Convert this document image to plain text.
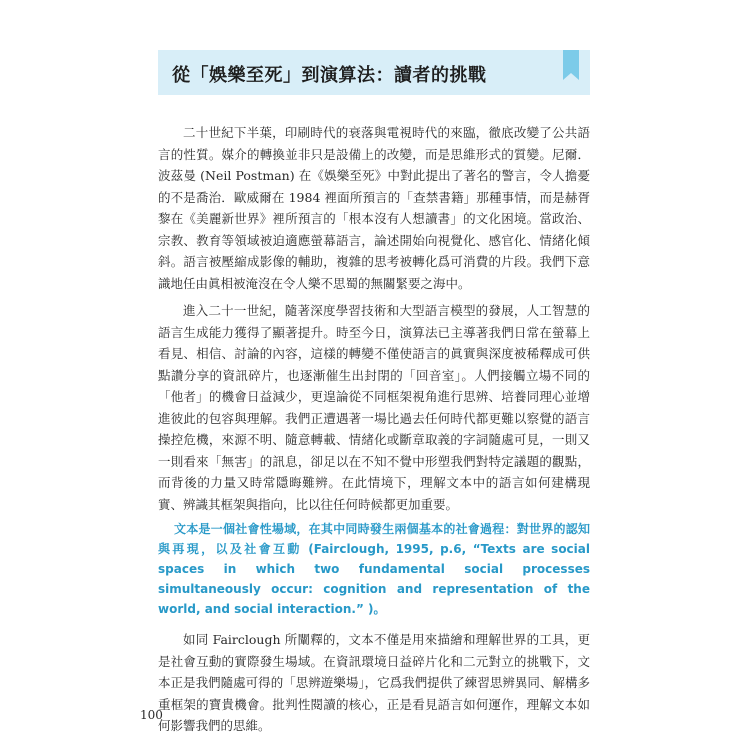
從「娛樂至死」到演算法：讀者的挑戰

二十世紀下半葉，印刷時代的衰落與電視時代的來臨，徹底改變了公共語言的性質。媒介的轉換並非只是設備上的改變，而是思維形式的質變。尼爾．波茲曼 (Neil Postman) 在《娛樂至死》中對此提出了著名的警言，令人擔憂的不是喬治．歐威爾在 1984 裡面所預言的「查禁書籍」那種事情，而是赫胥黎在《美麗新世界》裡所預言的「根本沒有人想讀書」的文化困境。當政治、宗教、教育等領域被迫適應螢幕語言，論述開始向視覺化、感官化、情緒化傾斜。語言被壓縮成影像的輔助，複雜的思考被轉化爲可消費的片段。我們下意識地任由眞相被淹沒在令人樂不思蜀的無關緊要之海中。

進入二十一世紀，隨著深度學習技術和大型語言模型的發展，人工智慧的語言生成能力獲得了顯著提升。時至今日，演算法已主導著我們日常在螢幕上看見、相信、討論的內容，這樣的轉變不僅使語言的眞實與深度被稀釋成可供點讚分享的資訊碎片，也逐漸催生出封閉的「回音室」。人們接觸立場不同的「他者」的機會日益減少，更遑論從不同框架視角進行思辨、培養同理心並增進彼此的包容與理解。我們正遭遇著一場比過去任何時代都更難以察覺的語言操控危機，來源不明、隨意轉載、情緒化或斷章取義的字詞隨處可見，一則又一則看來「無害」的訊息，卻足以在不知不覺中形塑我們對特定議題的觀點，而背後的力量又時常隱晦難辨。在此情境下，理解文本中的語言如何建構現實、辨識其框架與指向，比以往任何時候都更加重要。

文本是一個社會性場域，在其中同時發生兩個基本的社會過程：對世界的認知與再現，以及社會互動 (Fairclough, 1995, p.6, “Texts are social spaces in which two fundamental social processes simultaneously occur: cognition and representation of the world, and social interaction.” )。

如同 Fairclough 所闡釋的，文本不僅是用來描繪和理解世界的工具，更是社會互動的實際發生場域。在資訊環境日益碎片化和二元對立的挑戰下，文本正是我們隨處可得的「思辨遊樂場」，它爲我們提供了練習思辨異同、解構多重框架的寶貴機會。批判性閱讀的核心，正是看見語言如何運作，理解文本如何影響我們的思維。

100
